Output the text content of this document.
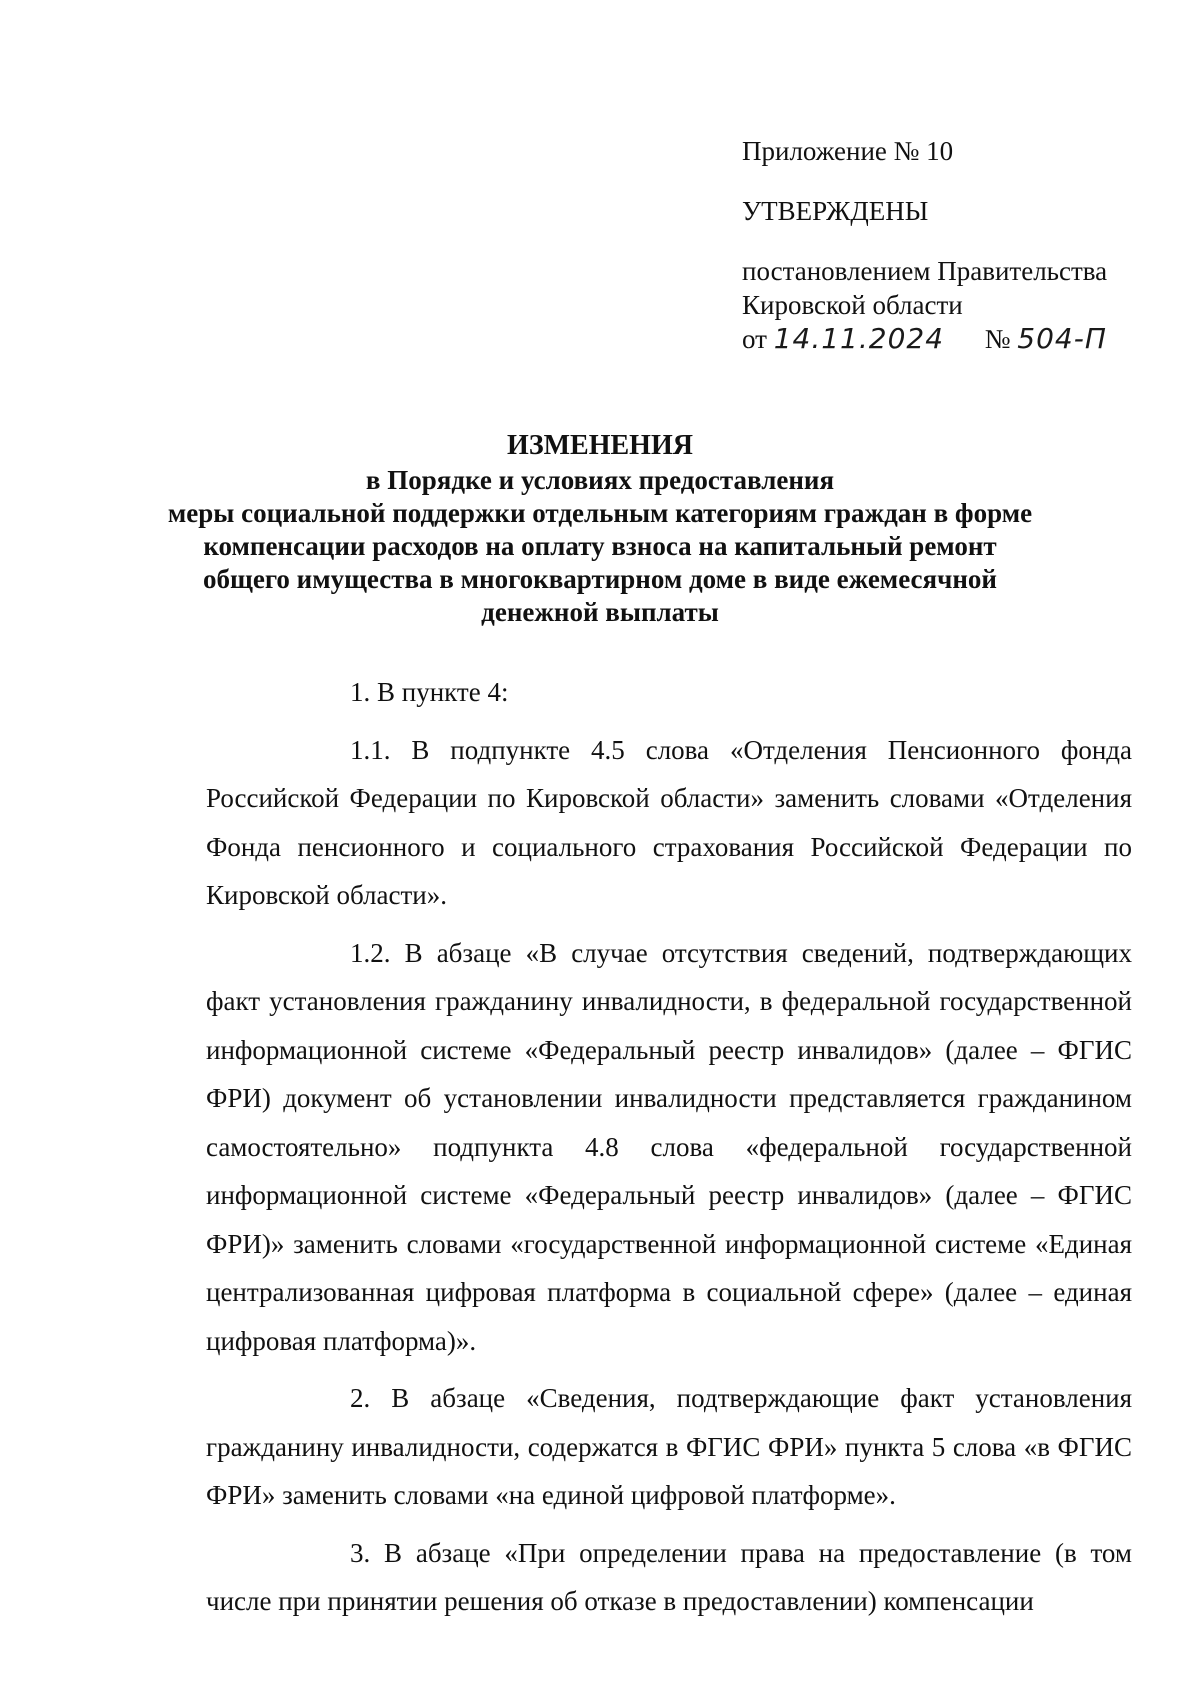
Приложение № 10
УТВЕРЖДЕНЫ
постановлением Правительства
Кировской области
от 14.11.2024 № 504-П
ИЗМЕНЕНИЯ
в Порядке и условиях предоставления
меры социальной поддержки отдельным категориям граждан в форме
компенсации расходов на оплату взноса на капитальный ремонт
общего имущества в многоквартирном доме в виде ежемесячной
денежной выплаты

1. В пункте 4:

1.1. В подпункте 4.5 слова «Отделения Пенсионного фонда Российской Федерации по Кировской области» заменить словами «Отделения Фонда пенсионного и социального страхования Российской Федерации по Кировской области».

1.2. В абзаце «В случае отсутствия сведений, подтверждающих факт установления гражданину инвалидности, в федеральной государственной информационной системе «Федеральный реестр инвалидов» (далее – ФГИС ФРИ) документ об установлении инвалидности представляется гражданином самостоятельно» подпункта 4.8 слова «федеральной государственной информационной системе «Федеральный реестр инвалидов» (далее – ФГИС ФРИ)» заменить словами «государственной информационной системе «Единая централизованная цифровая платформа в социальной сфере» (далее – единая цифровая платформа)».

2. В абзаце «Сведения, подтверждающие факт установления гражданину инвалидности, содержатся в ФГИС ФРИ» пункта 5 слова «в ФГИС ФРИ» заменить словами «на единой цифровой платформе».

3. В абзаце «При определении права на предоставление (в том числе при принятии решения об отказе в предоставлении) компенсации
